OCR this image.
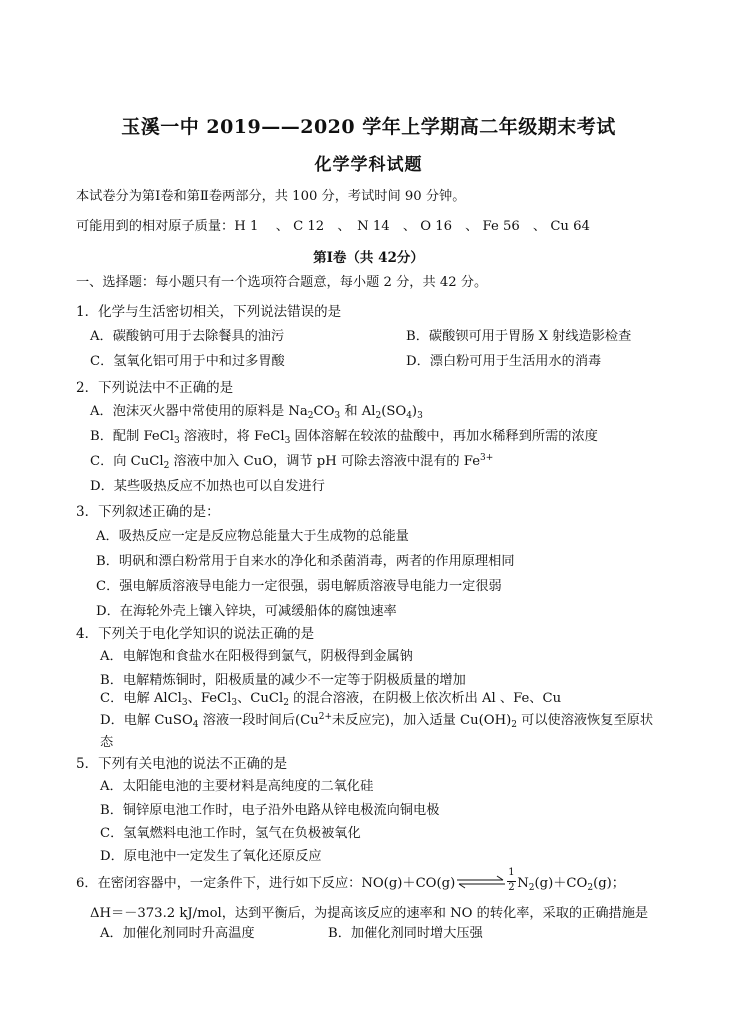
玉溪一中 2019——2020 学年上学期高二年级期末考试
化学学科试题
本试卷分为第Ⅰ卷和第Ⅱ卷两部分，共 100 分，考试时间 90 分钟。
可能用到的相对原子质量：H 1　 、 C 12　、　N 14　、 O 16　、 Fe 56　、 Cu 64
第Ⅰ卷（共 42分）
一、选择题：每小题只有一个选项符合题意，每小题 2 分，共 42 分。
1．化学与生活密切相关，下列说法错误的是
A．碳酸钠可用于去除餐具的油污	B．碳酸钡可用于胃肠 X 射线造影检查
C．氢氧化铝可用于中和过多胃酸	D．漂白粉可用于生活用水的消毒
2．下列说法中不正确的是
A．泡沫灭火器中常使用的原料是 $Na_2CO_3$ 和 $Al_2(SO_4)_3$
B．配制 FeCl$_3$ 溶液时，将 FeCl$_3$ 固体溶解在较浓的盐酸中，再加水稀释到所需的浓度
C．向 CuCl$_2$ 溶液中加入 CuO，调节 pH 可除去溶液中混有的 $Fe^{3+}$
D．某些吸热反应不加热也可以自发进行
3．下列叙述正确的是：
A．吸热反应一定是反应物总能量大于生成物的总能量
B．明矾和漂白粉常用于自来水的净化和杀菌消毒，两者的作用原理相同
C．强电解质溶液导电能力一定很强，弱电解质溶液导电能力一定很弱
D．在海轮外壳上镶入锌块，可减缓船体的腐蚀速率
4．下列关于电化学知识的说法正确的是
A．电解饱和食盐水在阳极得到氯气，阴极得到金属钠
B．电解精炼铜时，阳极质量的减少不一定等于阴极质量的增加
C．电解 AlCl$_3$、FeCl$_3$、CuCl$_2$ 的混合溶液，在阴极上依次析出 Al 、Fe、Cu
D．电解 CuSO$_4$ 溶液一段时间后($Cu^{2+}$未反应完)，加入适量 $Cu(OH)_2$ 可以使溶液恢复至原状
态
5．下列有关电池的说法不正确的是
A．太阳能电池的主要材料是高纯度的二氧化硅
B．铜锌原电池工作时，电子沿外电路从锌电极流向铜电极
C．氢氧燃料电池工作时，氢气在负极被氧化
D．原电池中一定发生了氧化还原反应
6．在密闭容器中，一定条件下，进行如下反应：NO(g)＋CO(g)⇌ $\frac{1}{2} N_2(g)+CO_2(g)$；
ΔH＝－373.2 kJ/mol，达到平衡后，为提高该反应的速率和 NO 的转化率，采取的正确措施是
A．加催化剂同时升高温度	B．加催化剂同时增大压强
